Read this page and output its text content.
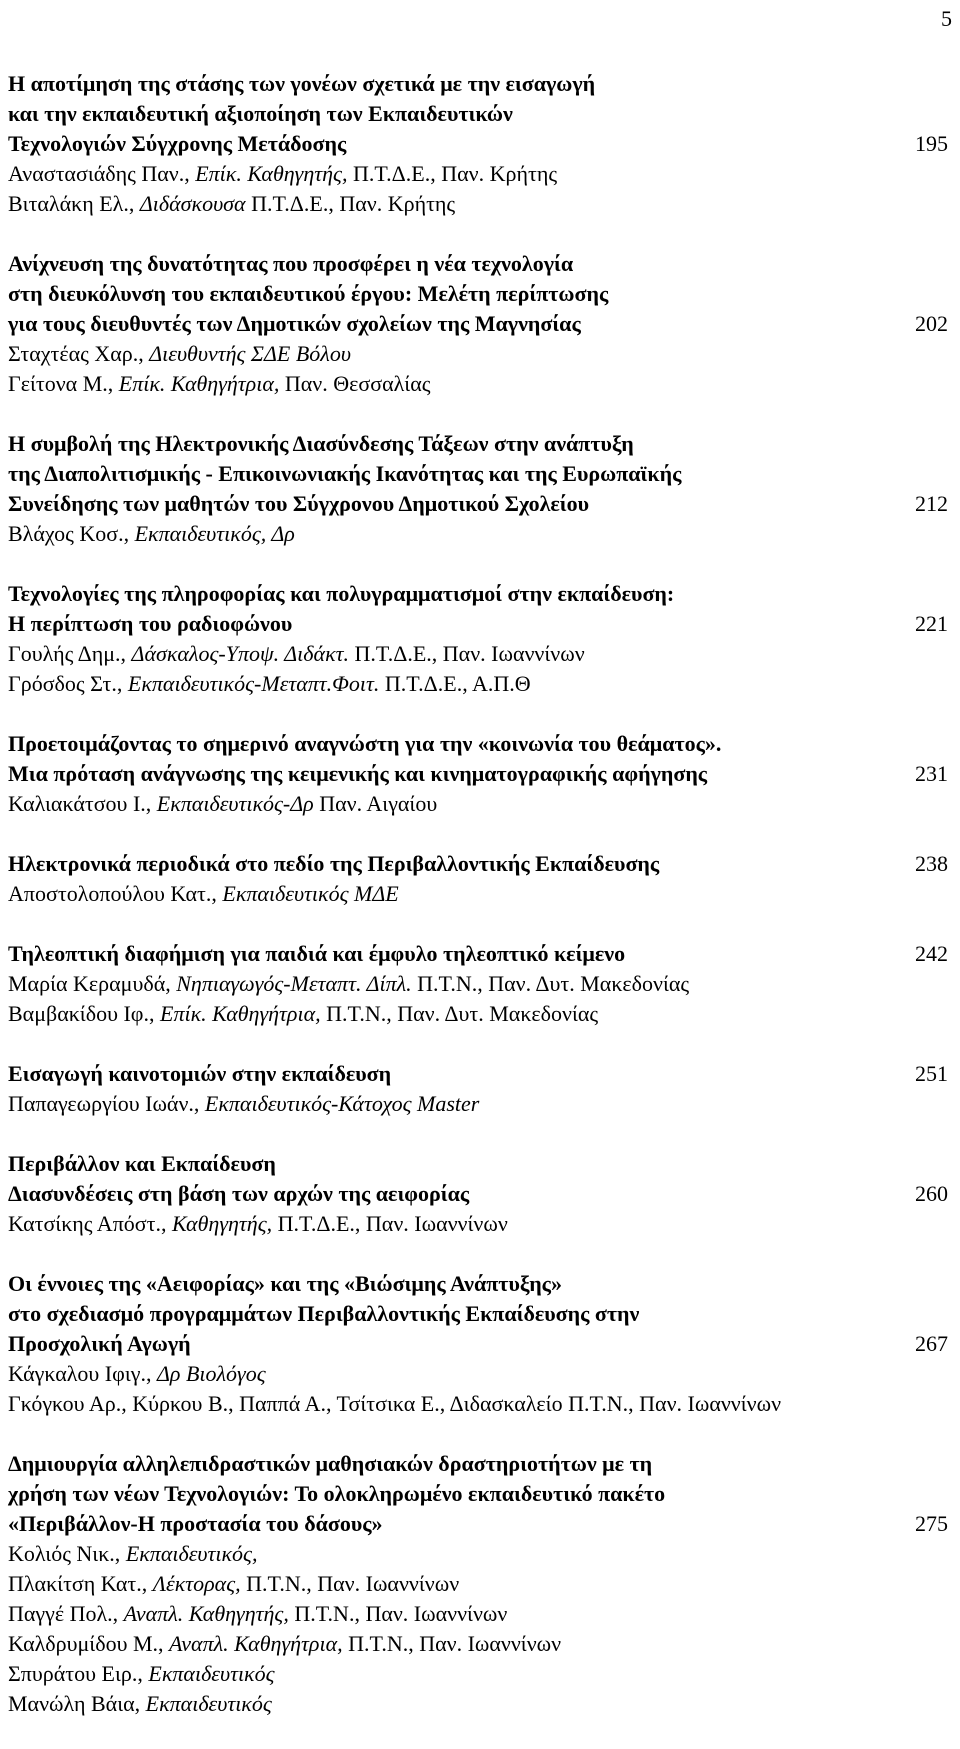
5
Η αποτίμηση της στάσης των γονέων σχετικά με την εισαγωγή
και την εκπαιδευτική αξιοποίηση των Εκπαιδευτικών
Τεχνολογιών Σύγχρονης Μετάδοσης	195
Αναστασιάδης Παν., Επίκ. Καθηγητής, Π.Τ.Δ.Ε., Παν. Κρήτης
Βιταλάκη Ελ., Διδάσκουσα Π.Τ.Δ.Ε., Παν. Κρήτης
Ανίχνευση της δυνατότητας που προσφέρει η νέα τεχνολογία
στη διευκόλυνση του εκπαιδευτικού έργου: Μελέτη περίπτωσης
για τους διευθυντές των Δημοτικών σχολείων της Μαγνησίας	202
Σταχτέας Χαρ., Διευθυντής ΣΔΕ Βόλου
Γείτονα Μ., Επίκ. Καθηγήτρια, Παν. Θεσσαλίας
Η συμβολή της Ηλεκτρονικής Διασύνδεσης Τάξεων στην ανάπτυξη
της Διαπολιτισμικής - Επικοινωνιακής Ικανότητας και της Ευρωπαϊκής
Συνείδησης των μαθητών του Σύγχρονου Δημοτικού Σχολείου	212
Βλάχος Κοσ., Εκπαιδευτικός, Δρ
Τεχνολογίες της πληροφορίας και πολυγραμματισμοί στην εκπαίδευση:
Η περίπτωση του ραδιοφώνου	221
Γουλής Δημ., Δάσκαλος-Υποψ. Διδάκτ. Π.Τ.Δ.Ε., Παν. Ιωαννίνων
Γρόσδος Στ., Εκπαιδευτικός-Μεταπτ.Φοιτ. Π.Τ.Δ.Ε., Α.Π.Θ
Προετοιμάζοντας το σημερινό αναγνώστη για την «κοινωνία του θεάματος».
Μια πρόταση ανάγνωσης της κειμενικής και κινηματογραφικής αφήγησης	231
Καλιακάτσου Ι., Εκπαιδευτικός-Δρ Παν. Αιγαίου
Ηλεκτρονικά περιοδικά στο πεδίο της Περιβαλλοντικής Εκπαίδευσης	238
Αποστολοπούλου Κατ., Εκπαιδευτικός ΜΔΕ
Τηλεοπτική διαφήμιση για παιδιά και έμφυλο τηλεοπτικό κείμενο	242
Μαρία Κεραμυδά, Νηπιαγωγός-Μεταπτ. Δίπλ. Π.Τ.Ν., Παν. Δυτ. Μακεδονίας
Βαμβακίδου Ιφ., Επίκ. Καθηγήτρια, Π.Τ.Ν., Παν. Δυτ. Μακεδονίας
Εισαγωγή καινοτομιών στην εκπαίδευση	251
Παπαγεωργίου Ιωάν., Εκπαιδευτικός-Κάτοχος Master
Περιβάλλον και Εκπαίδευση
Διασυνδέσεις στη βάση των αρχών της αειφορίας	260
Κατσίκης Απόστ., Καθηγητής, Π.Τ.Δ.Ε., Παν. Ιωαννίνων
Οι έννοιες της «Αειφορίας» και της «Βιώσιμης Ανάπτυξης»
στο σχεδιασμό προγραμμάτων Περιβαλλοντικής Εκπαίδευσης στην
Προσχολική Αγωγή	267
Κάγκαλου Ιφιγ., Δρ Βιολόγος
Γκόγκου Αρ., Κύρκου Β., Παππά Α., Τσίτσικα Ε., Διδασκαλείο Π.Τ.Ν., Παν. Ιωαννίνων
Δημιουργία αλληλεπιδραστικών μαθησιακών δραστηριοτήτων με τη
χρήση των νέων Τεχνολογιών: Το ολοκληρωμένο εκπαιδευτικό πακέτο
«Περιβάλλον-Η προστασία του δάσους»	275
Κολιός Νικ., Εκπαιδευτικός,
Πλακίτση Κατ., Λέκτορας, Π.Τ.Ν., Παν. Ιωαννίνων
Παγγέ Πολ., Αναπλ. Καθηγητής, Π.Τ.Ν., Παν. Ιωαννίνων
Καλδρυμίδου Μ., Αναπλ. Καθηγήτρια, Π.Τ.Ν., Παν. Ιωαννίνων
Σπυράτου Ειρ., Εκπαιδευτικός
Μανώλη Βάια, Εκπαιδευτικός
